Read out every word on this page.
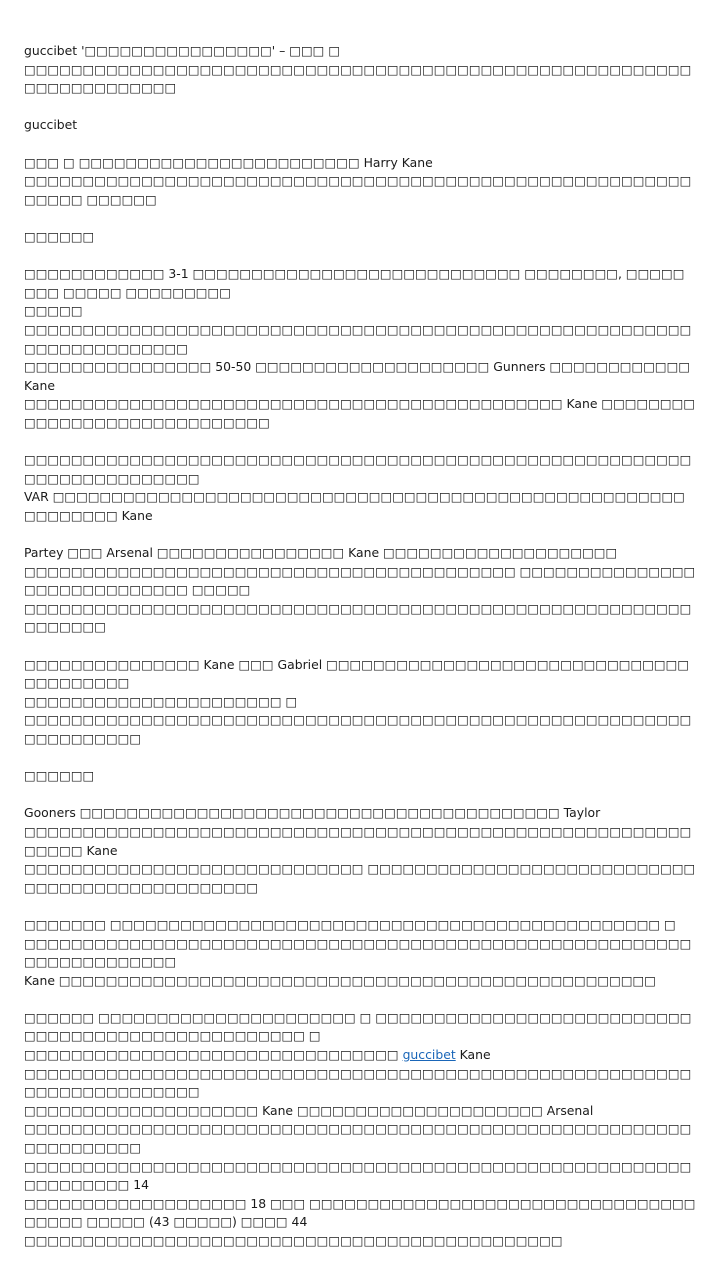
guccibet '□□□□□□□□□□□□□□□□' – □□□ □
□□□□□□□□□□□□□□□□□□□□□□□□□□□□□□□□□□□□□□□□□□□□□□□□□□□□□□□□□□□□□□□□□□□□□□

guccibet

□□□ □ □□□□□□□□□□□□□□□□□□□□□□□□ Harry Kane
□□□□□□□□□□□□□□□□□□□□□□□□□□□□□□□□□□□□□□□□□□□□□□□□□□□□□□□□□□□□□□ □□□□□□

□□□□□□

□□□□□□□□□□□□ 3-1 □□□□□□□□□□□□□□□□□□□□□□□□□□□□ □□□□□□□□, □□□□□□□□ □□□□□ □□□□□□□□□
□□□□□
□□□□□□□□□□□□□□□□□□□□□□□□□□□□□□□□□□□□□□□□□□□□□□□□□□□□□□□□□□□□□□□□□□□□□□□
□□□□□□□□□□□□□□□□ 50-50 □□□□□□□□□□□□□□□□□□□□ Gunners □□□□□□□□□□□□ Kane
□□□□□□□□□□□□□□□□□□□□□□□□□□□□□□□□□□□□□□□□□□□□□□ Kane □□□□□□□□□□□□□□□□□□□□□□□□□□□□□

□□□□□□□□□□□□□□□□□□□□□□□□□□□□□□□□□□□□□□□□□□□□□□□□□□□□□□□□□□□□□□□□□□□□□□□□
VAR □□□□□□□□□□□□□□□□□□□□□□□□□□□□□□□□□□□□□□□□□□□□□□□□□□□□□□□□□□□□□□ Kane

Partey □□□ Arsenal □□□□□□□□□□□□□□□□ Kane □□□□□□□□□□□□□□□□□□□□
□□□□□□□□□□□□□□□□□□□□□□□□□□□□□□□□□□□□□□□□□□ □□□□□□□□□□□□□□□□□□□□□□□□□□□□□ □□□□□
□□□□□□□□□□□□□□□□□□□□□□□□□□□□□□□□□□□□□□□□□□□□□□□□□□□□□□□□□□□□□□□□

□□□□□□□□□□□□□□□ Kane □□□ Gabriel □□□□□□□□□□□□□□□□□□□□□□□□□□□□□□□□□□□□□□□□
□□□□□□□□□□□□□□□□□□□□□□ □
□□□□□□□□□□□□□□□□□□□□□□□□□□□□□□□□□□□□□□□□□□□□□□□□□□□□□□□□□□□□□□□□□□□

□□□□□□

Gooners □□□□□□□□□□□□□□□□□□□□□□□□□□□□□□□□□□□□□□□□□ Taylor
□□□□□□□□□□□□□□□□□□□□□□□□□□□□□□□□□□□□□□□□□□□□□□□□□□□□□□□□□□□□□□ Kane
□□□□□□□□□□□□□□□□□□□□□□□□□□□□□ □□□□□□□□□□□□□□□□□□□□□□□□□□□□□□□□□□□□□□□□□□□□□□□□

□□□□□□□ □□□□□□□□□□□□□□□□□□□□□□□□□□□□□□□□□□□□□□□□□□□□□□□ □
□□□□□□□□□□□□□□□□□□□□□□□□□□□□□□□□□□□□□□□□□□□□□□□□□□□□□□□□□□□□□□□□□□□□□□
Kane □□□□□□□□□□□□□□□□□□□□□□□□□□□□□□□□□□□□□□□□□□□□□□□□□□□

□□□□□□ □□□□□□□□□□□□□□□□□□□□□□ □ □□□□□□□□□□□□□□□□□□□□□□□□□□□□□□□□□□□□□□□□□□□□□□□□□□□ □
□□□□□□□□□□□□□□□□□□□□□□□□□□□□□□□□ guccibet Kane
□□□□□□□□□□□□□□□□□□□□□□□□□□□□□□□□□□□□□□□□□□□□□□□□□□□□□□□□□□□□□□□□□□□□□□□□
□□□□□□□□□□□□□□□□□□□□ Kane □□□□□□□□□□□□□□□□□□□□□ Arsenal
□□□□□□□□□□□□□□□□□□□□□□□□□□□□□□□□□□□□□□□□□□□□□□□□□□□□□□□□□□□□□□□□□□□
□□□□□□□□□□□□□□□□□□□□□□□□□□□□□□□□□□□□□□□□□□□□□□□□□□□□□□□□□□□□□□□□□□ 14
□□□□□□□□□□□□□□□□□□□ 18 □□□ □□□□□□□□□□□□□□□□□□□□□□□□□□□□□□□□□□□□□□ □□□□□ (43 □□□□□) □□□□ 44
□□□□□□□□□□□□□□□□□□□□□□□□□□□□□□□□□□□□□□□□□□□□□□
